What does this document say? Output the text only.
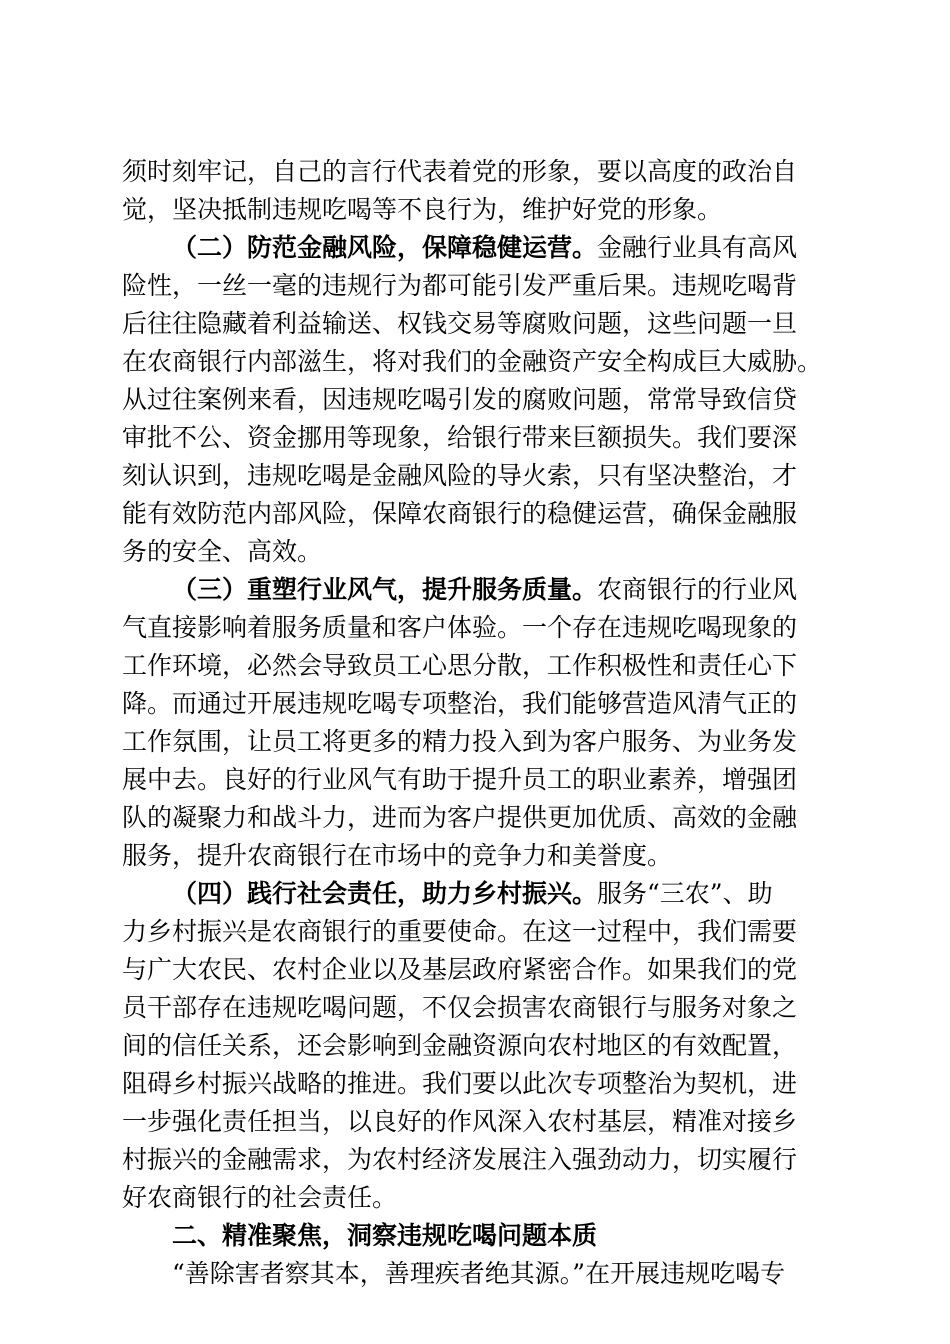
须时刻牢记，自己的言行代表着党的形象，要以高度的政治自
觉，坚决抵制违规吃喝等不良行为，维护好党的形象。
（二）防范金融风险，保障稳健运营。金融行业具有高风
险性，一丝一毫的违规行为都可能引发严重后果。违规吃喝背
后往往隐藏着利益输送、权钱交易等腐败问题，这些问题一旦
在农商银行内部滋生，将对我们的金融资产安全构成巨大威胁。
从过往案例来看，因违规吃喝引发的腐败问题，常常导致信贷
审批不公、资金挪用等现象，给银行带来巨额损失。我们要深
刻认识到，违规吃喝是金融风险的导火索，只有坚决整治，才
能有效防范内部风险，保障农商银行的稳健运营，确保金融服
务的安全、高效。
（三）重塑行业风气，提升服务质量。农商银行的行业风
气直接影响着服务质量和客户体验。一个存在违规吃喝现象的
工作环境，必然会导致员工心思分散，工作积极性和责任心下
降。而通过开展违规吃喝专项整治，我们能够营造风清气正的
工作氛围，让员工将更多的精力投入到为客户服务、为业务发
展中去。良好的行业风气有助于提升员工的职业素养，增强团
队的凝聚力和战斗力，进而为客户提供更加优质、高效的金融
服务，提升农商银行在市场中的竞争力和美誉度。
（四）践行社会责任，助力乡村振兴。服务“三农”、助
力乡村振兴是农商银行的重要使命。在这一过程中，我们需要
与广大农民、农村企业以及基层政府紧密合作。如果我们的党
员干部存在违规吃喝问题，不仅会损害农商银行与服务对象之
间的信任关系，还会影响到金融资源向农村地区的有效配置，
阻碍乡村振兴战略的推进。我们要以此次专项整治为契机，进
一步强化责任担当，以良好的作风深入农村基层，精准对接乡
村振兴的金融需求，为农村经济发展注入强劲动力，切实履行
好农商银行的社会责任。
二、精准聚焦，洞察违规吃喝问题本质
“善除害者察其本，善理疾者绝其源。”在开展违规吃喝专
